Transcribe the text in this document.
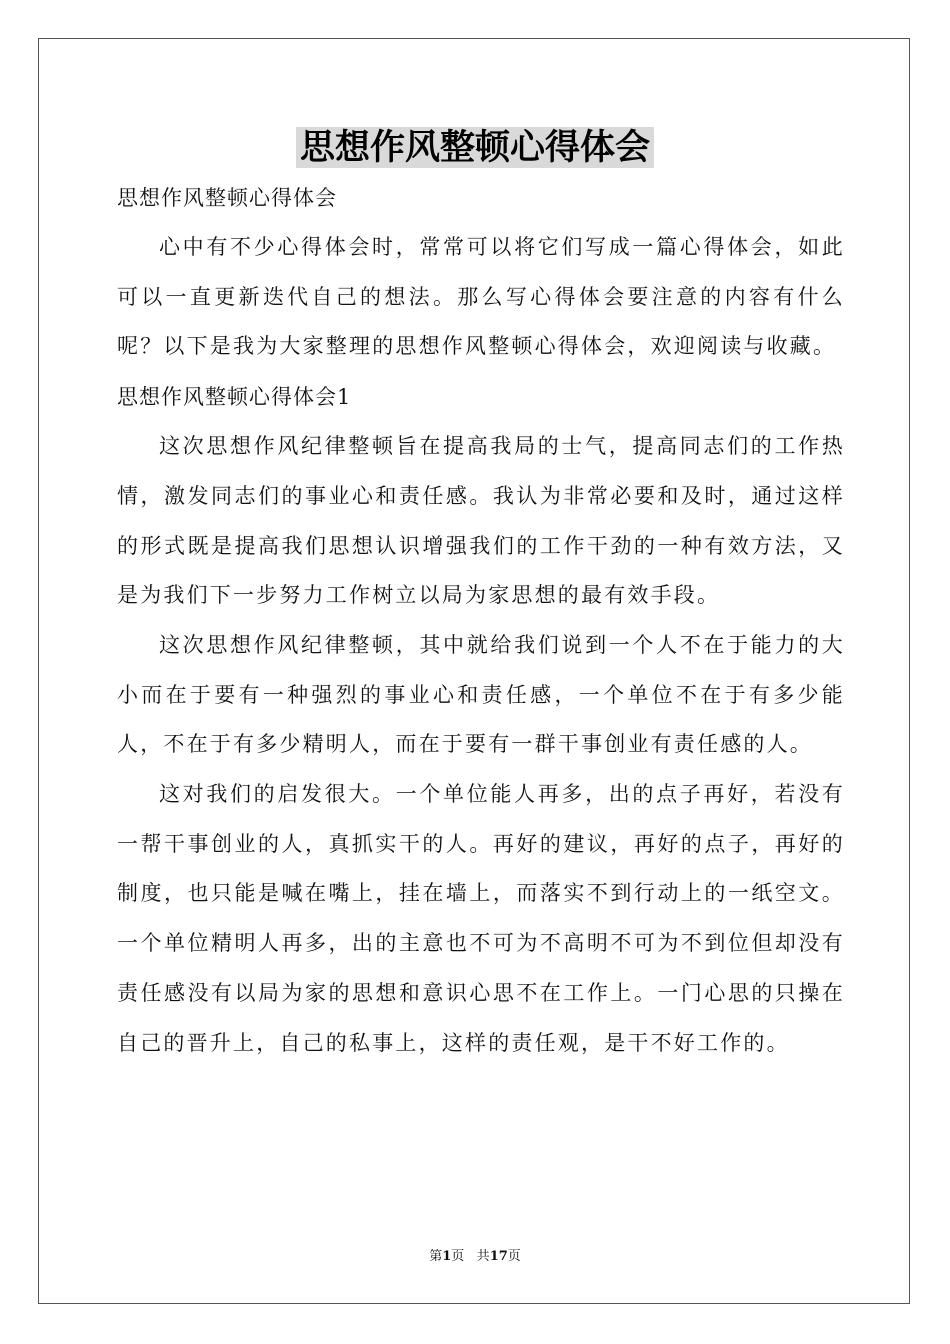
思想作风整顿心得体会

思想作风整顿心得体会

心中有不少心得体会时，常常可以将它们写成一篇心得体会，如此可以一直更新迭代自己的想法。那么写心得体会要注意的内容有什么呢？以下是我为大家整理的思想作风整顿心得体会，欢迎阅读与收藏。

思想作风整顿心得体会1

这次思想作风纪律整顿旨在提高我局的士气，提高同志们的工作热情，激发同志们的事业心和责任感。我认为非常必要和及时，通过这样的形式既是提高我们思想认识增强我们的工作干劲的一种有效方法，又是为我们下一步努力工作树立以局为家思想的最有效手段。

这次思想作风纪律整顿，其中就给我们说到一个人不在于能力的大小而在于要有一种强烈的事业心和责任感，一个单位不在于有多少能人，不在于有多少精明人，而在于要有一群干事创业有责任感的人。

这对我们的启发很大。一个单位能人再多，出的点子再好，若没有一帮干事创业的人，真抓实干的人。再好的建议，再好的点子，再好的制度，也只能是喊在嘴上，挂在墙上，而落实不到行动上的一纸空文。一个单位精明人再多，出的主意也不可为不高明不可为不到位但却没有责任感没有以局为家的思想和意识心思不在工作上。一门心思的只操在自己的晋升上，自己的私事上，这样的责任观，是干不好工作的。

第1页 共17页
